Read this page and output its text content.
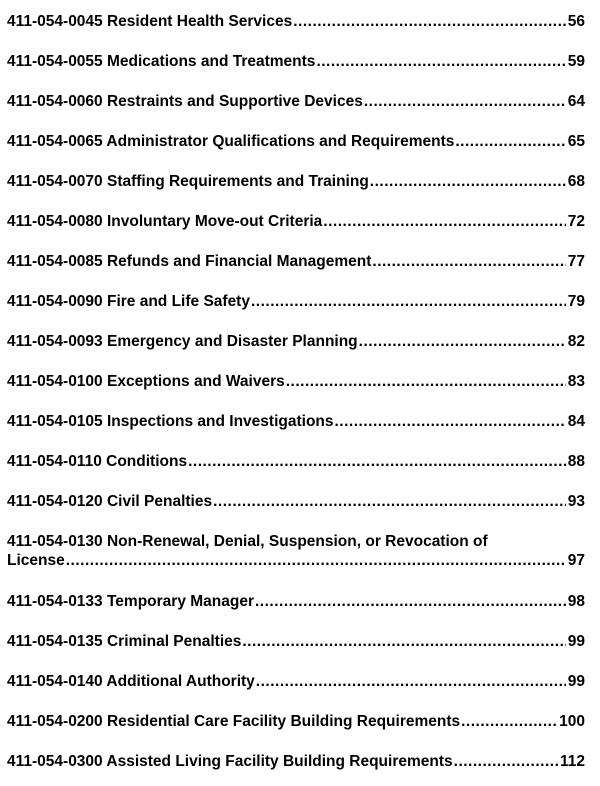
411-054-0045 Resident Health Services .....	56
411-054-0055 Medications and Treatments .....	59
411-054-0060 Restraints and Supportive Devices .....	64
411-054-0065 Administrator Qualifications and Requirements .....	65
411-054-0070 Staffing Requirements and Training .....	68
411-054-0080 Involuntary Move-out Criteria .....	72
411-054-0085 Refunds and Financial Management .....	77
411-054-0090 Fire and Life Safety .....	79
411-054-0093 Emergency and Disaster Planning .....	82
411-054-0100 Exceptions and Waivers .....	83
411-054-0105 Inspections and Investigations .....	84
411-054-0110 Conditions .....	88
411-054-0120 Civil Penalties .....	93
411-054-0130 Non-Renewal, Denial, Suspension, or Revocation of
License .....	97
411-054-0133 Temporary Manager .....	98
411-054-0135 Criminal Penalties .....	99
411-054-0140 Additional Authority .....	99
411-054-0200 Residential Care Facility Building Requirements .....	100
411-054-0300 Assisted Living Facility Building Requirements .....	112
